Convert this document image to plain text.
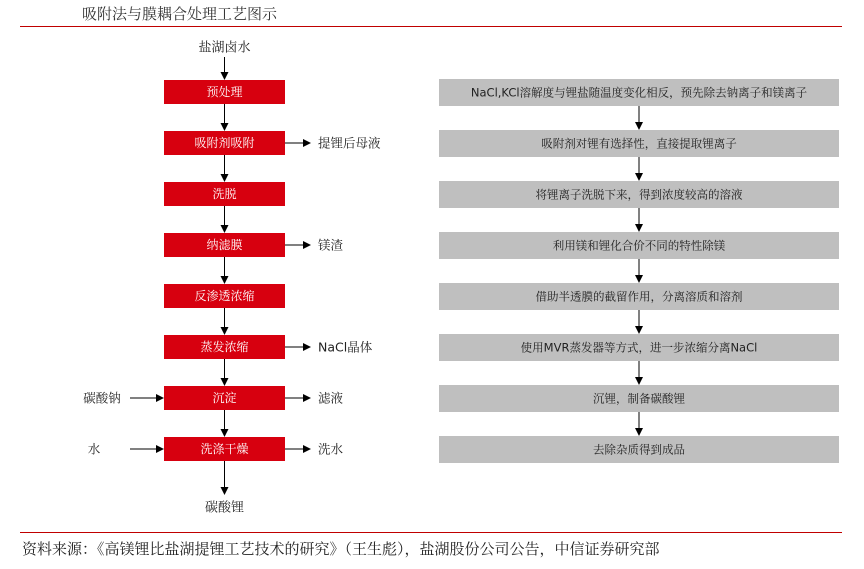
吸附法与膜耦合处理工艺图示
盐湖卤水
预处理	NaCl,KCl溶解度与锂盐随温度变化相反，预先除去钠离子和镁离子
吸附剂吸附	吸附剂对锂有选择性，直接提取锂离子
提锂后母液
洗脱	将锂离子洗脱下来，得到浓度较高的溶液
纳滤膜	利用镁和锂化合价不同的特性除镁
镁渣
反渗透浓缩	借助半透膜的截留作用，分离溶质和溶剂
蒸发浓缩	使用MVR蒸发器等方式，进一步浓缩分离NaCl
NaCl晶体
沉淀	沉锂，制备碳酸锂
滤液
碳酸钠
洗涤干燥	去除杂质得到成品
洗水
水
碳酸锂
资料来源：《高镁锂比盐湖提锂工艺技术的研究》（王生彪），盐湖股份公司公告，中信证券研究部
